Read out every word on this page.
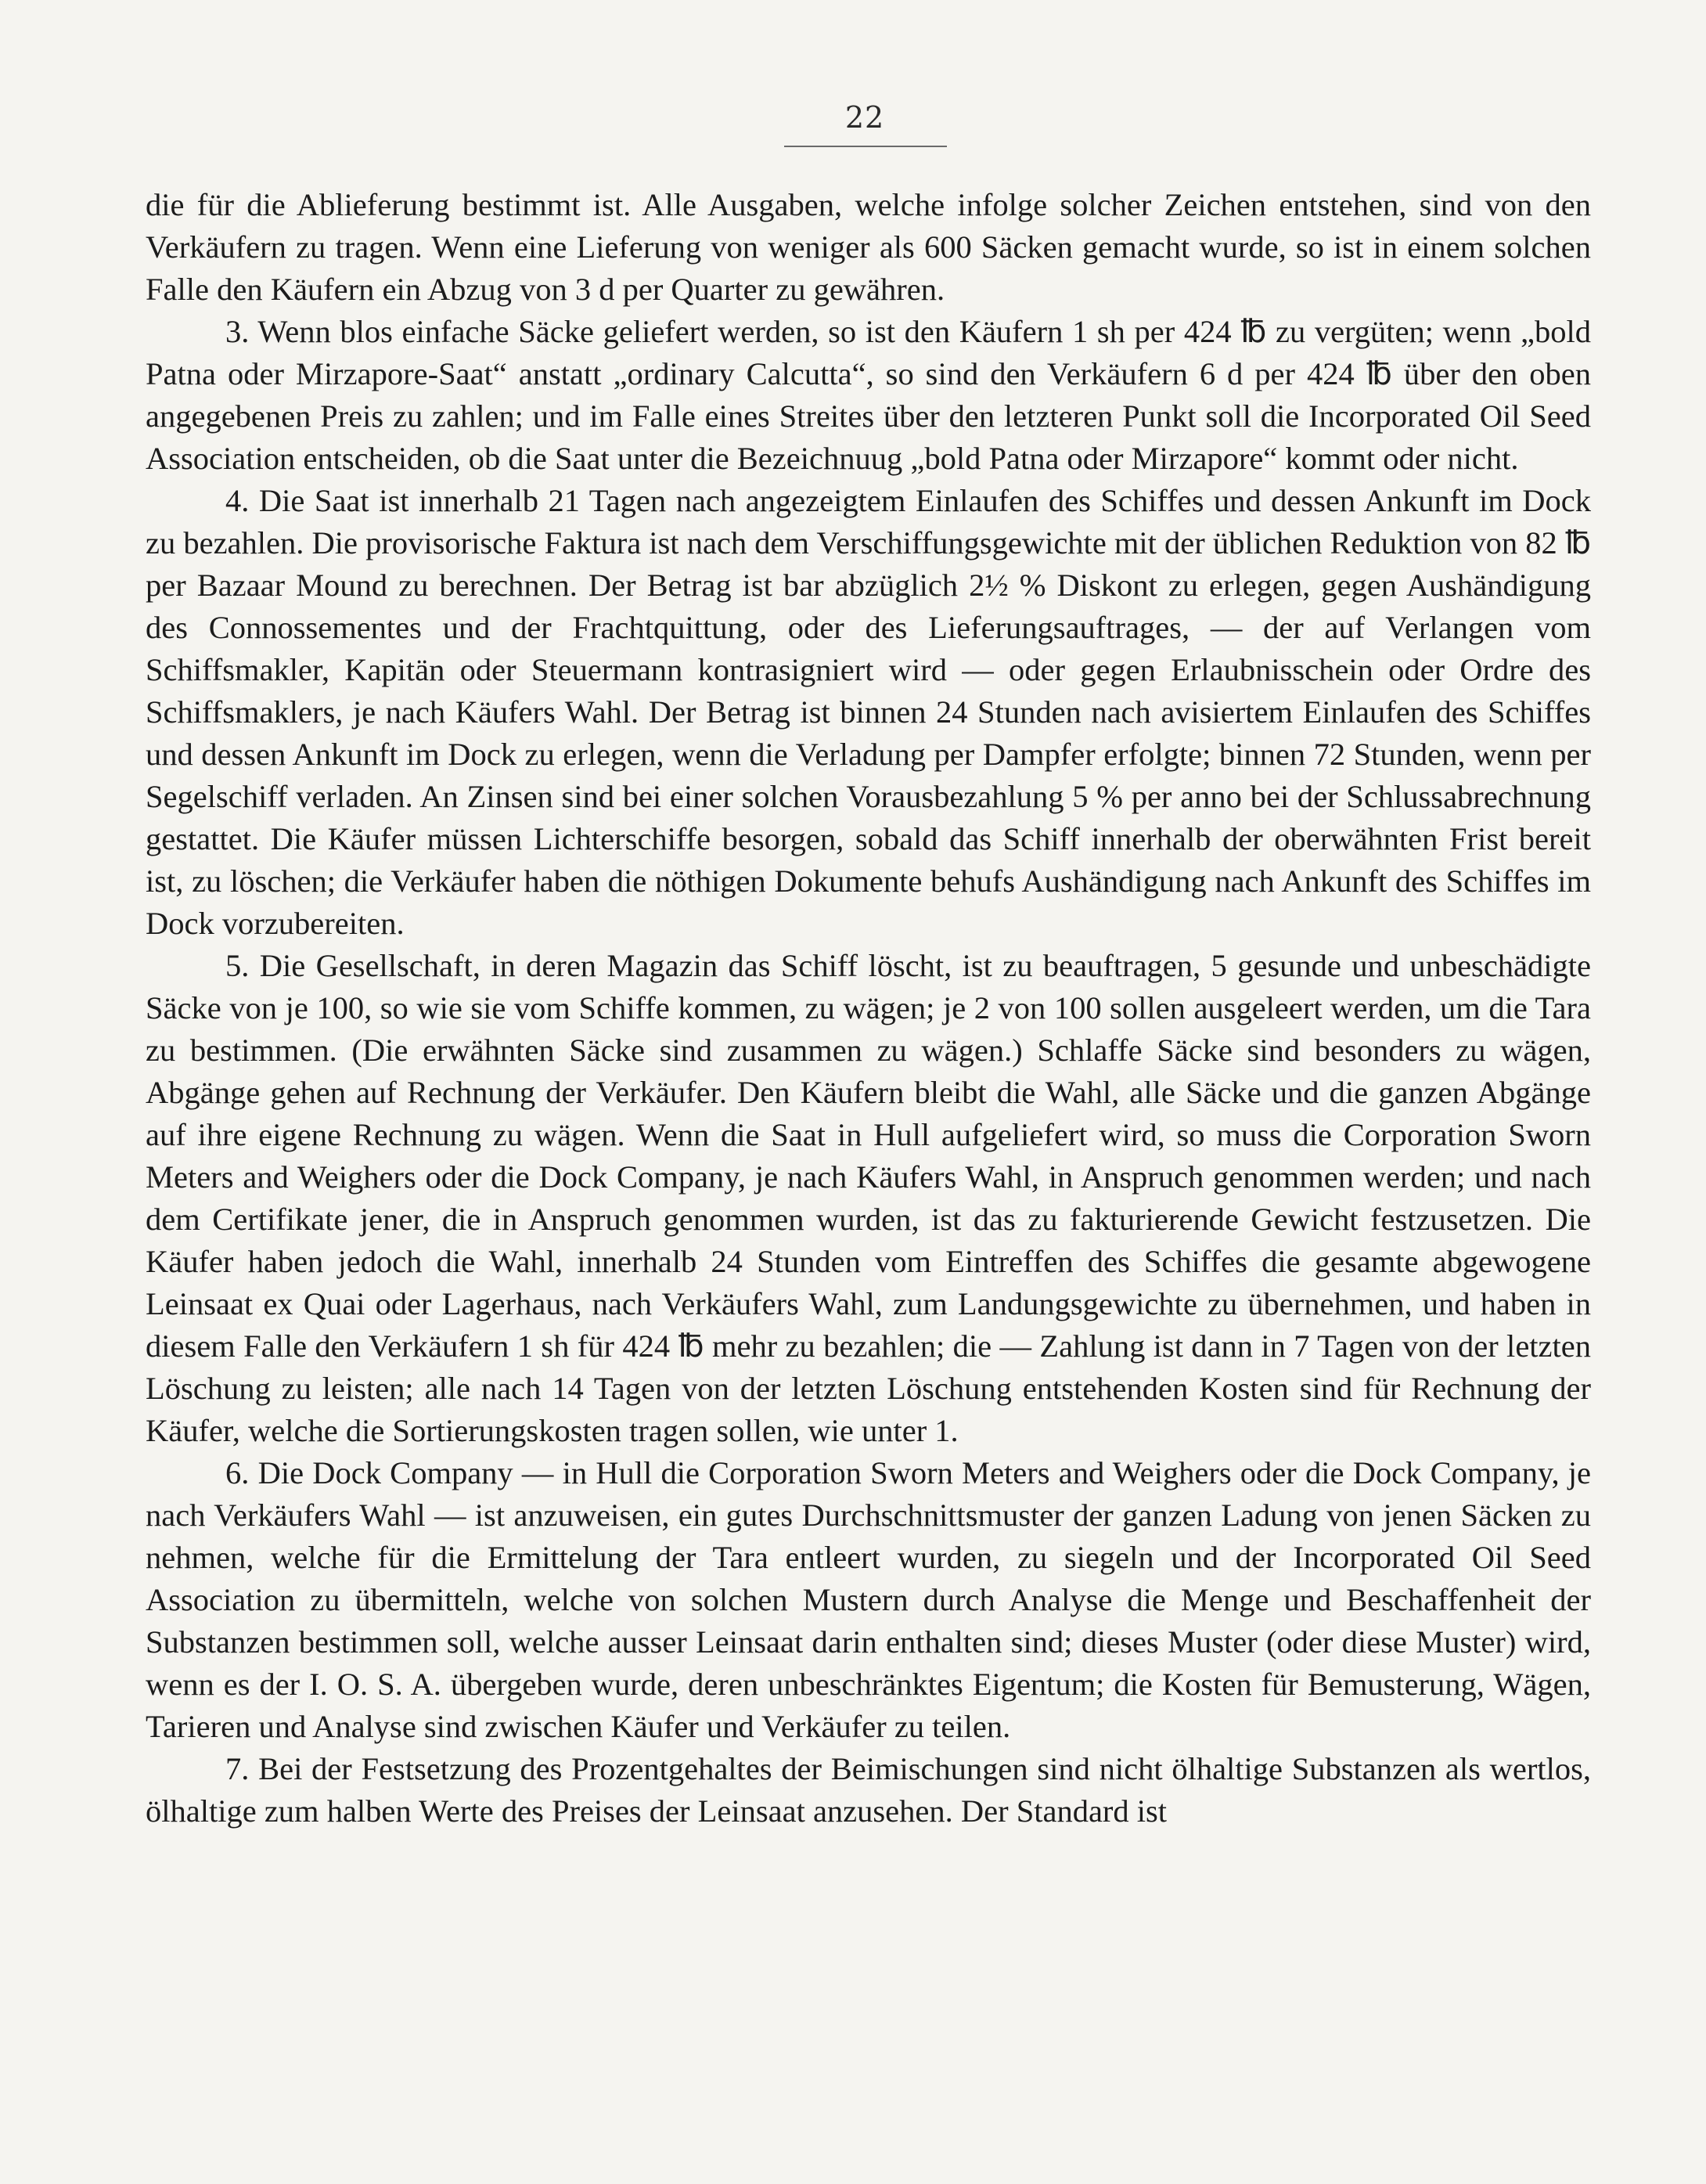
22

die für die Ablieferung bestimmt ist. Alle Ausgaben, welche infolge solcher Zeichen entstehen, sind von den Verkäufern zu tragen. Wenn eine Lieferung von weniger als 600 Säcken gemacht wurde, so ist in einem solchen Falle den Käufern ein Abzug von 3 d per Quarter zu gewähren.

3. Wenn blos einfache Säcke geliefert werden, so ist den Käufern 1 sh per 424 ℔ zu vergüten; wenn „bold Patna oder Mirzapore-Saat“ anstatt „ordinary Calcutta“, so sind den Verkäufern 6 d per 424 ℔ über den oben angegebenen Preis zu zahlen; und im Falle eines Streites über den letzteren Punkt soll die Incorporated Oil Seed Association entscheiden, ob die Saat unter die Bezeichnuug „bold Patna oder Mirzapore“ kommt oder nicht.

4. Die Saat ist innerhalb 21 Tagen nach angezeigtem Einlaufen des Schiffes und dessen Ankunft im Dock zu bezahlen. Die provisorische Faktura ist nach dem Verschiffungsgewichte mit der üblichen Reduktion von 82 ℔ per Bazaar Mound zu berechnen. Der Betrag ist bar abzüglich 2½ % Diskont zu erlegen, gegen Aushändigung des Connossementes und der Frachtquittung, oder des Lieferungsauftrages, — der auf Verlangen vom Schiffsmakler, Kapitän oder Steuermann kontrasigniert wird — oder gegen Erlaubnisschein oder Ordre des Schiffsmaklers, je nach Käufers Wahl. Der Betrag ist binnen 24 Stunden nach avisiertem Einlaufen des Schiffes und dessen Ankunft im Dock zu erlegen, wenn die Verladung per Dampfer erfolgte; binnen 72 Stunden, wenn per Segelschiff verladen. An Zinsen sind bei einer solchen Vorausbezahlung 5 % per anno bei der Schlussabrechnung gestattet. Die Käufer müssen Lichterschiffe besorgen, sobald das Schiff innerhalb der oberwähnten Frist bereit ist, zu löschen; die Verkäufer haben die nöthigen Dokumente behufs Aushändigung nach Ankunft des Schiffes im Dock vorzubereiten.

5. Die Gesellschaft, in deren Magazin das Schiff löscht, ist zu beauftragen, 5 gesunde und unbeschädigte Säcke von je 100, so wie sie vom Schiffe kommen, zu wägen; je 2 von 100 sollen ausgeleert werden, um die Tara zu bestimmen. (Die erwähnten Säcke sind zusammen zu wägen.) Schlaffe Säcke sind besonders zu wägen, Abgänge gehen auf Rechnung der Verkäufer. Den Käufern bleibt die Wahl, alle Säcke und die ganzen Abgänge auf ihre eigene Rechnung zu wägen. Wenn die Saat in Hull aufgeliefert wird, so muss die Corporation Sworn Meters and Weighers oder die Dock Company, je nach Käufers Wahl, in Anspruch genommen werden; und nach dem Certifikate jener, die in Anspruch genommen wurden, ist das zu fakturierende Gewicht festzusetzen. Die Käufer haben jedoch die Wahl, innerhalb 24 Stunden vom Eintreffen des Schiffes die gesamte abgewogene Leinsaat ex Quai oder Lagerhaus, nach Verkäufers Wahl, zum Landungsgewichte zu übernehmen, und haben in diesem Falle den Verkäufern 1 sh für 424 ℔ mehr zu bezahlen; die — Zahlung ist dann in 7 Tagen von der letzten Löschung zu leisten; alle nach 14 Tagen von der letzten Löschung entstehenden Kosten sind für Rechnung der Käufer, welche die Sortierungskosten tragen sollen, wie unter 1.

6. Die Dock Company — in Hull die Corporation Sworn Meters and Weighers oder die Dock Company, je nach Verkäufers Wahl — ist anzuweisen, ein gutes Durchschnittsmuster der ganzen Ladung von jenen Säcken zu nehmen, welche für die Ermittelung der Tara entleert wurden, zu siegeln und der Incorporated Oil Seed Association zu übermitteln, welche von solchen Mustern durch Analyse die Menge und Beschaffenheit der Substanzen bestimmen soll, welche ausser Leinsaat darin enthalten sind; dieses Muster (oder diese Muster) wird, wenn es der I. O. S. A. übergeben wurde, deren unbeschränktes Eigentum; die Kosten für Bemusterung, Wägen, Tarieren und Analyse sind zwischen Käufer und Verkäufer zu teilen.

7. Bei der Festsetzung des Prozentgehaltes der Beimischungen sind nicht ölhaltige Substanzen als wertlos, ölhaltige zum halben Werte des Preises der Leinsaat anzusehen. Der Standard ist
